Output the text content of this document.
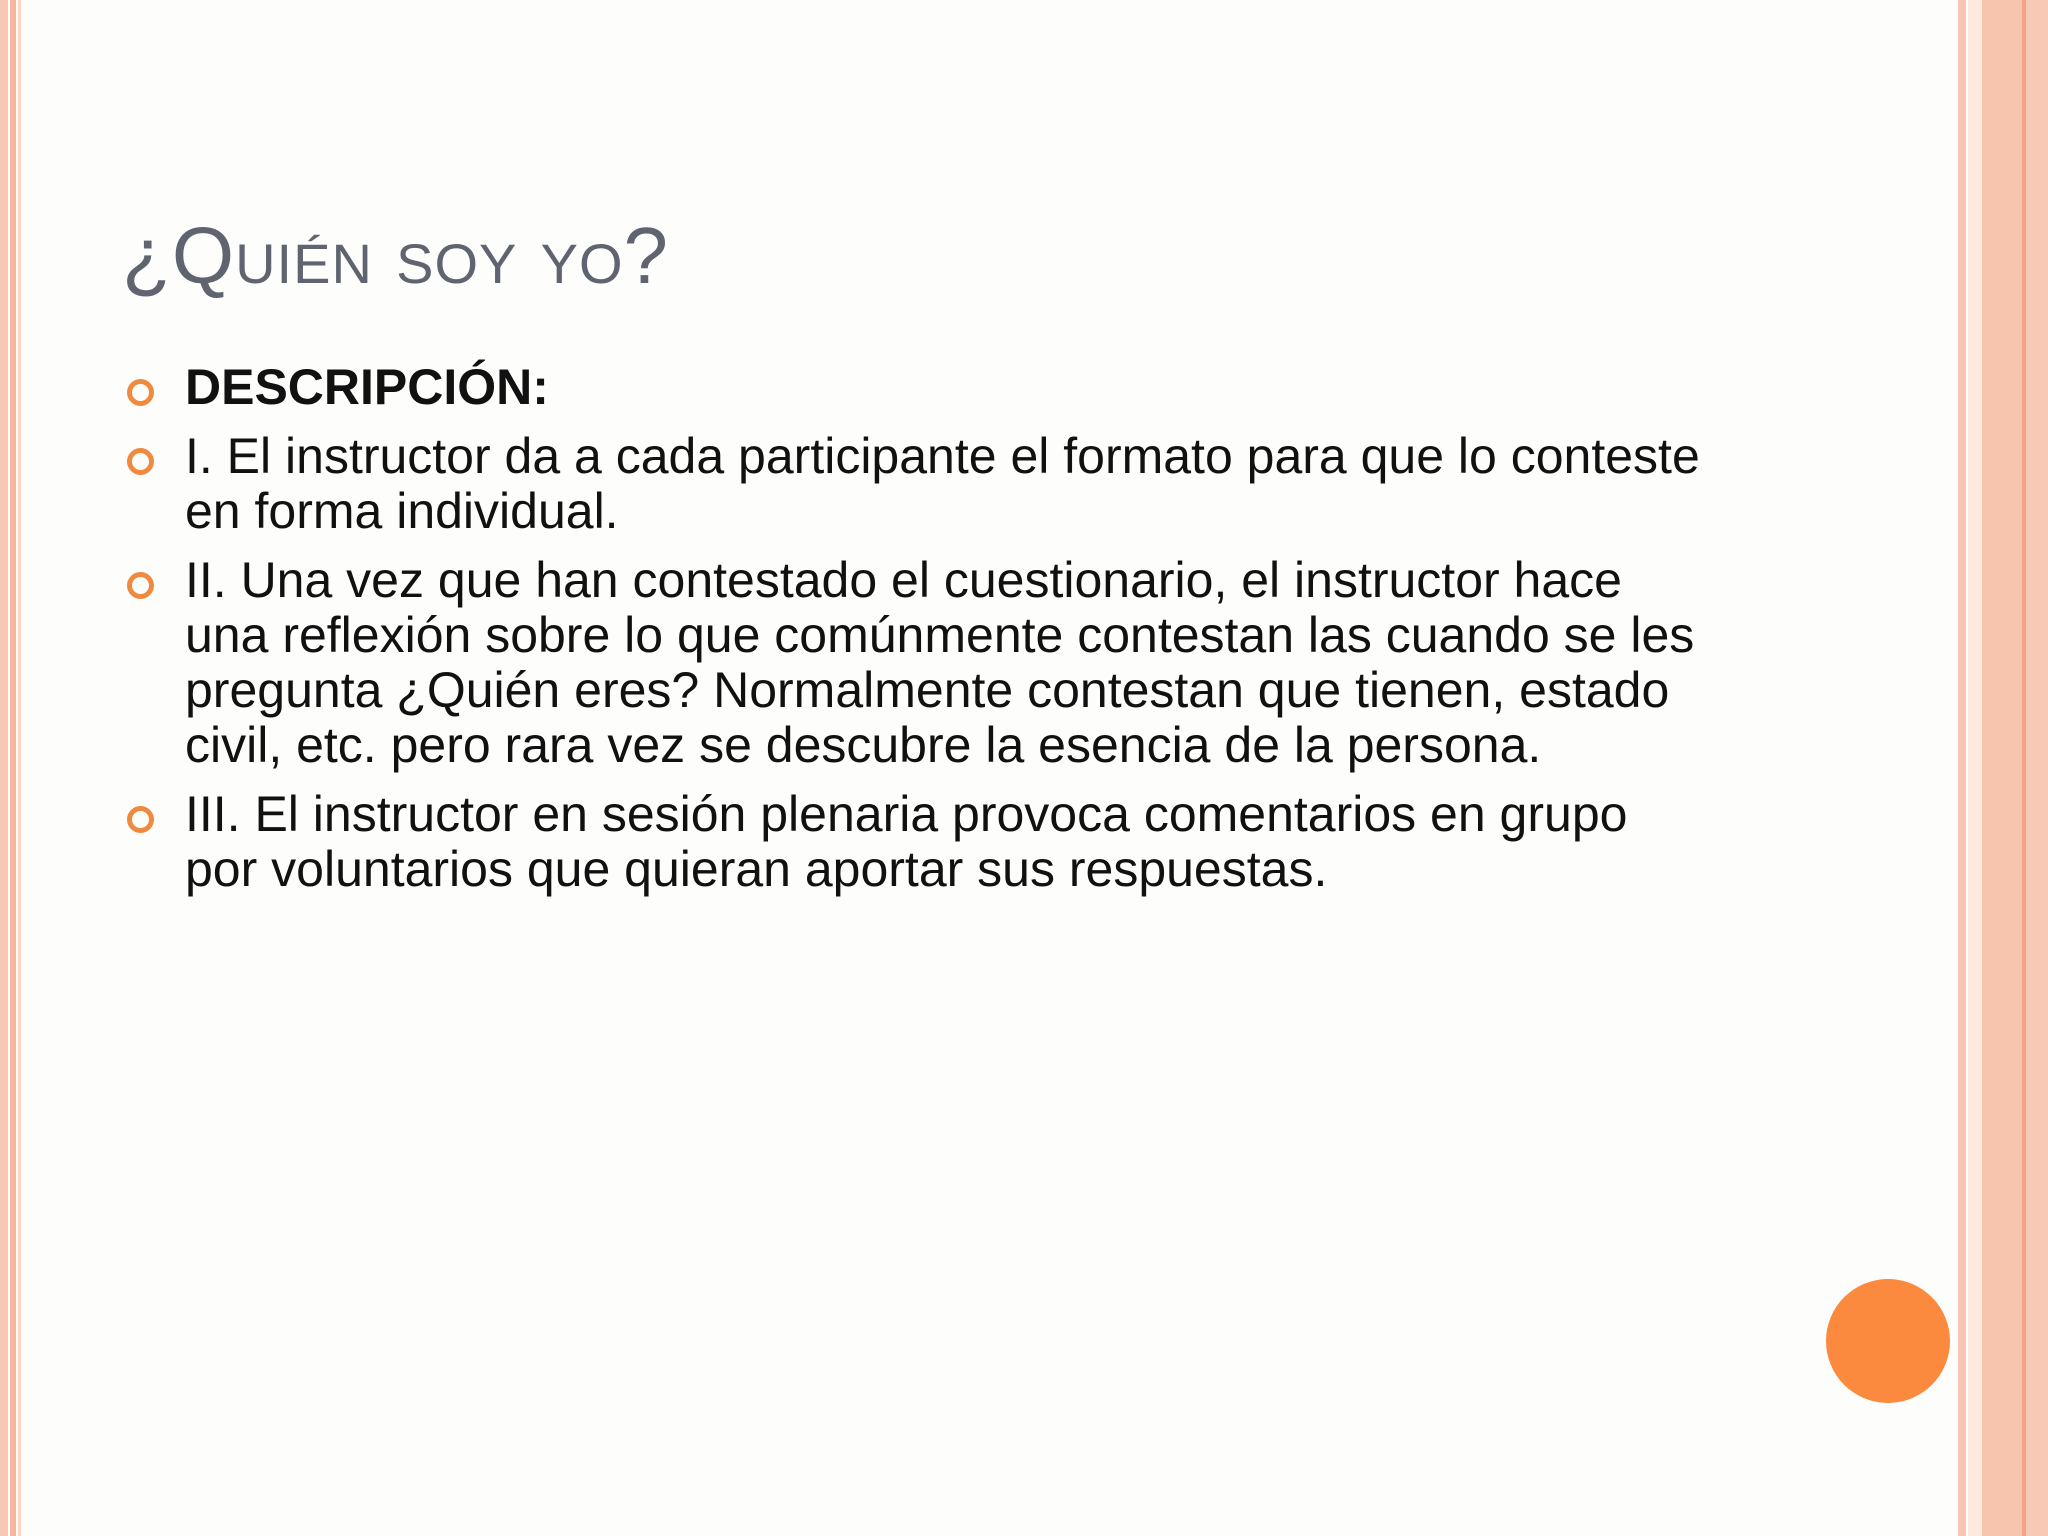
¿Quién soy yo?
DESCRIPCIÓN:
I. El instructor da a cada participante el formato para que lo conteste en forma individual.
II. Una vez que han contestado el cuestionario, el instructor hace una reflexión sobre lo que comúnmente contestan las cuando se les pregunta ¿Quién eres? Normalmente contestan que tienen, estado civil, etc. pero rara vez se descubre la esencia de la persona.
III. El instructor en sesión plenaria provoca comentarios en grupo por voluntarios que quieran aportar sus respuestas.
